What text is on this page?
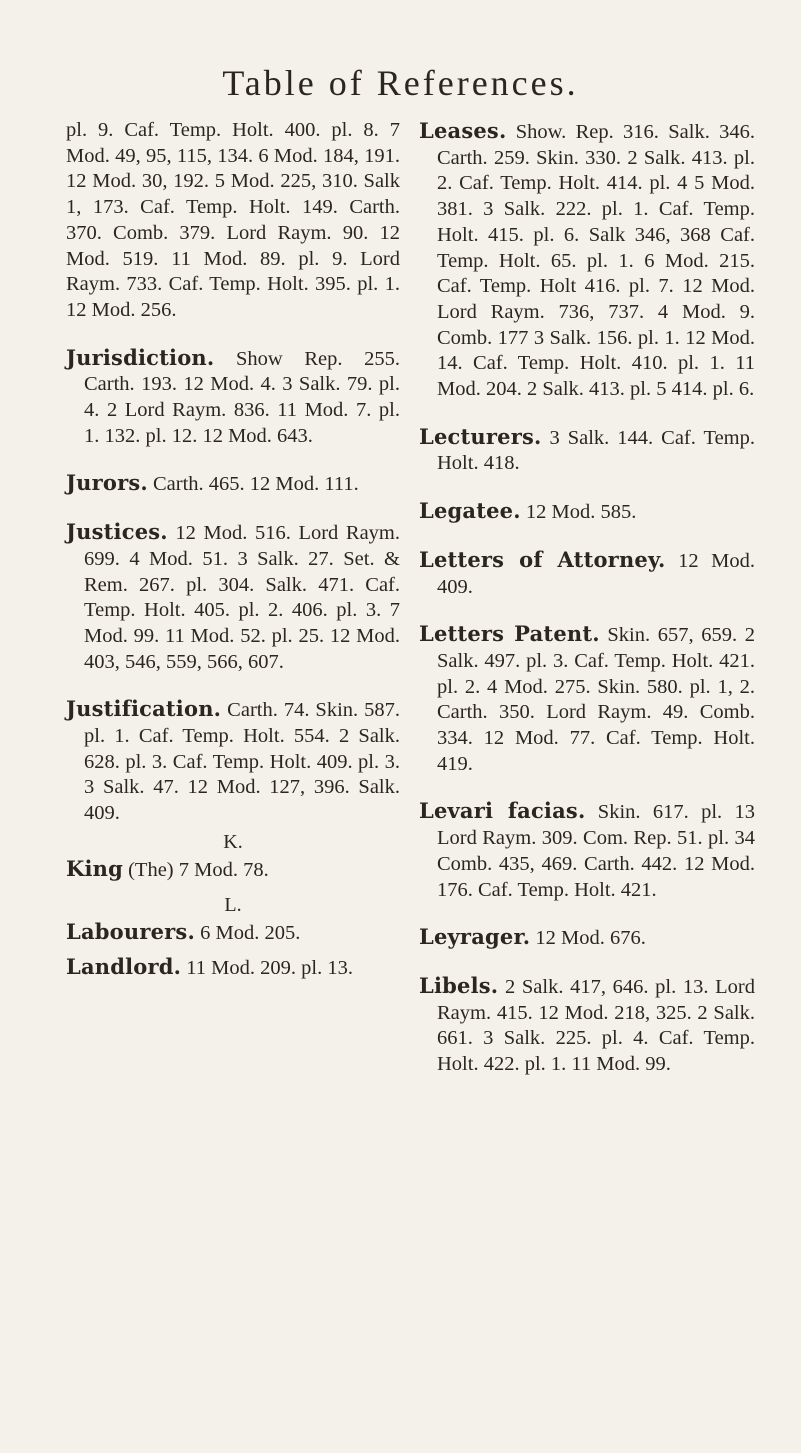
Table of References.

pl. 9. Caf. Temp. Holt. 400. pl. 8. 7 Mod. 49, 95, 115, 134. 6 Mod. 184, 191. 12 Mod. 30, 192. 5 Mod. 225, 310. Salk 1, 173. Caf. Temp. Holt. 149. Carth. 370. Comb. 379. Lord Raym. 90. 12 Mod. 519. 11 Mod. 89. pl. 9. Lord Raym. 733. Caf. Temp. Holt. 395. pl. 1. 12 Mod. 256.

Jurisdiction. Show Rep. 255. Carth. 193. 12 Mod. 4. 3 Salk. 79. pl. 4. 2 Lord Raym. 836. 11 Mod. 7. pl. 1. 132. pl. 12. 12 Mod. 643.

Jurors. Carth. 465. 12 Mod. 111.

Justices. 12 Mod. 516. Lord Raym. 699. 4 Mod. 51. 3 Salk. 27. Set. & Rem. 267. pl. 304. Salk. 471. Caf. Temp. Holt. 405. pl. 2. 406. pl. 3. 7 Mod. 99. 11 Mod. 52. pl. 25. 12 Mod. 403, 546, 559, 566, 607.

Justification. Carth. 74. Skin. 587. pl. 1. Caf. Temp. Holt. 554. 2 Salk. 628. pl. 3. Caf. Temp. Holt. 409. pl. 3. 3 Salk. 47. 12 Mod. 127, 396. Salk. 409.

K.

King (The) 7 Mod. 78.

L.

Labourers. 6 Mod. 205.

Landlord. 11 Mod. 209. pl. 13.

Leases. Show. Rep. 316. Salk. 346. Carth. 259. Skin. 330. 2 Salk. 413. pl. 2. Caf. Temp. Holt. 414. pl. 4 5 Mod. 381. 3 Salk. 222. pl. 1. Caf. Temp. Holt. 415. pl. 6. Salk 346, 368 Caf. Temp. Holt. 65. pl. 1. 6 Mod. 215. Caf. Temp. Holt 416. pl. 7. 12 Mod. Lord Raym. 736, 737. 4 Mod. 9. Comb. 177 3 Salk. 156. pl. 1. 12 Mod. 14. Caf. Temp. Holt. 410. pl. 1. 11 Mod. 204. 2 Salk. 413. pl. 5 414. pl. 6.

Lecturers. 3 Salk. 144. Caf. Temp. Holt. 418.

Legatee. 12 Mod. 585.

Letters of Attorney. 12 Mod. 409.

Letters Patent. Skin. 657, 659. 2 Salk. 497. pl. 3. Caf. Temp. Holt. 421. pl. 2. 4 Mod. 275. Skin. 580. pl. 1, 2. Carth. 350. Lord Raym. 49. Comb. 334. 12 Mod. 77. Caf. Temp. Holt. 419.

Levari facias. Skin. 617. pl. 13 Lord Raym. 309. Com. Rep. 51. pl. 34 Comb. 435, 469. Carth. 442. 12 Mod. 176. Caf. Temp. Holt. 421.

Leyrager. 12 Mod. 676.

Libels. 2 Salk. 417, 646. pl. 13. Lord Raym. 415. 12 Mod. 218, 325. 2 Salk. 661. 3 Salk. 225. pl. 4. Caf. Temp. Holt. 422. pl. 1. 11 Mod. 99.
